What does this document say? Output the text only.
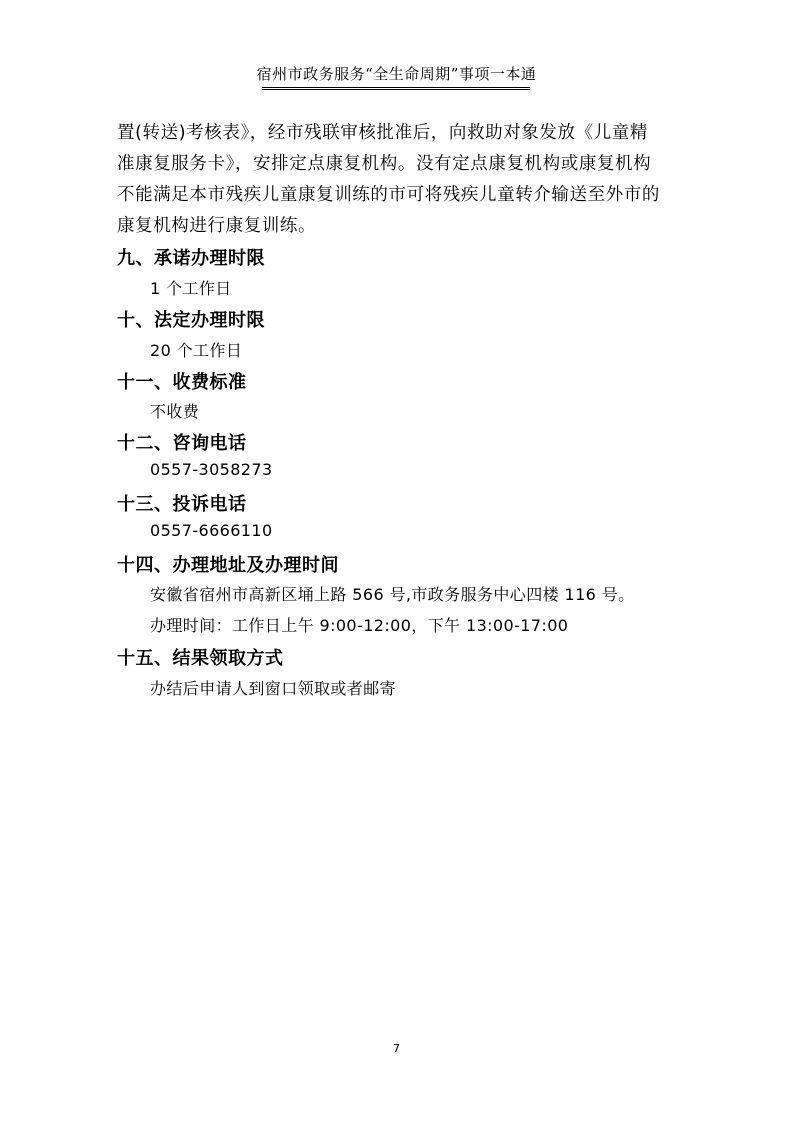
宿州市政务服务“全生命周期”事项一本通
置(转送)考核表》，经市残联审核批准后，向救助对象发放《儿童精
准康复服务卡》，安排定点康复机构。没有定点康复机构或康复机构
不能满足本市残疾儿童康复训练的市可将残疾儿童转介输送至外市的
康复机构进行康复训练。
九、承诺办理时限
1 个工作日
十、法定办理时限
20 个工作日
十一、收费标准
不收费
十二、咨询电话
0557-3058273
十三、投诉电话
0557-6666110
十四、办理地址及办理时间
安徽省宿州市高新区埇上路 566 号,市政务服务中心四楼 116 号。
办理时间：工作日上午 9:00-12:00，下午 13:00-17:00
十五、结果领取方式
办结后申请人到窗口领取或者邮寄
7
